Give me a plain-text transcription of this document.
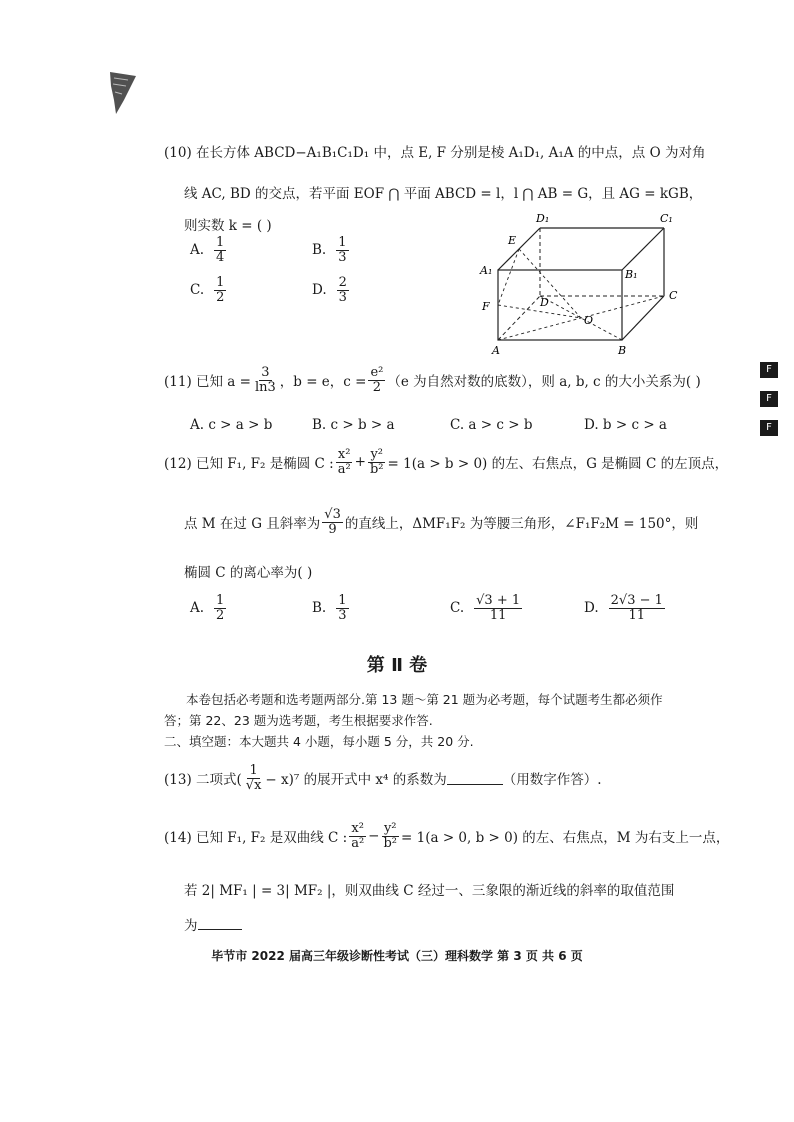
(10) 在长方体 ABCD−A₁B₁C₁D₁ 中，点 E, F 分别是棱 A₁D₁, A₁A 的中点，点 O 为对角
线 AC, BD 的交点，若平面 EOF ⋂ 平面 ABCD = l，l ⋂ AB = G，且 AG = kGB，
则实数 k = ( )
A. $\frac{1}{4}$	B. $\frac{1}{3}$
C. $\frac{1}{2}$	D. $\frac{2}{3}$
D₁	C₁
E
A₁	B₁
F	D
C
O
A	B
(11) 已知 $a = \frac{3}{\ln 3}$ ，b = e，$c = \frac{\text{e²}}{2} (e$ 为自然对数的底数），则 a, b, c 的大小关系为( )
A. c > a > b	B. c > b > a	C. a > c > b	D. b > c > a
(12) 已知 F₁, F₂ 是椭圆 C : $\frac{\text{x²}}{\text{a²}} + \frac{\text{y²}}{\text{b²}} = 1(a > b > 0)$ 的左、右焦点，G 是椭圆 C 的左顶点，
点 M 在过 G 且斜率为 $\frac{√3}{9}$ 的直线上，ΔMF₁F₂ 为等腰三角形，∠F₁F₂M = 150°，则
椭圆 C 的离心率为( )
A. $\frac{1}{2}$	B. $\frac{1}{3}$	C. $\frac{√3 + 1}{11}$	D. $\frac{2√3 - 1}{11}$
第 Ⅱ 卷
本卷包括必考题和选考题两部分.第 13 题～第 21 题为必考题，每个试题考生都必须作
答；第 22、23 题为选考题，考生根据要求作答.
二、填空题：本大题共 4 小题，每小题 5 分，共 20 分.
(13) 二项式( $\frac{1}{√x} - x)^7$ 的展开式中 x⁴ 的系数为	（用数字作答）.
(14) 已知 F₁, F₂ 是双曲线 C : $\frac{\text{x²}}{\text{a²}} - \frac{\text{y²}}{\text{b²}} = 1(a > 0$, b > 0) 的左、右焦点，M 为右支上一点，
若 2| MF₁ | = 3| MF₂ |，则双曲线 C 经过一、三象限的渐近线的斜率的取值范围
为
毕节市 2022 届高三年级诊断性考试（三）理科数学 第 3 页 共 6 页
F
F
F
